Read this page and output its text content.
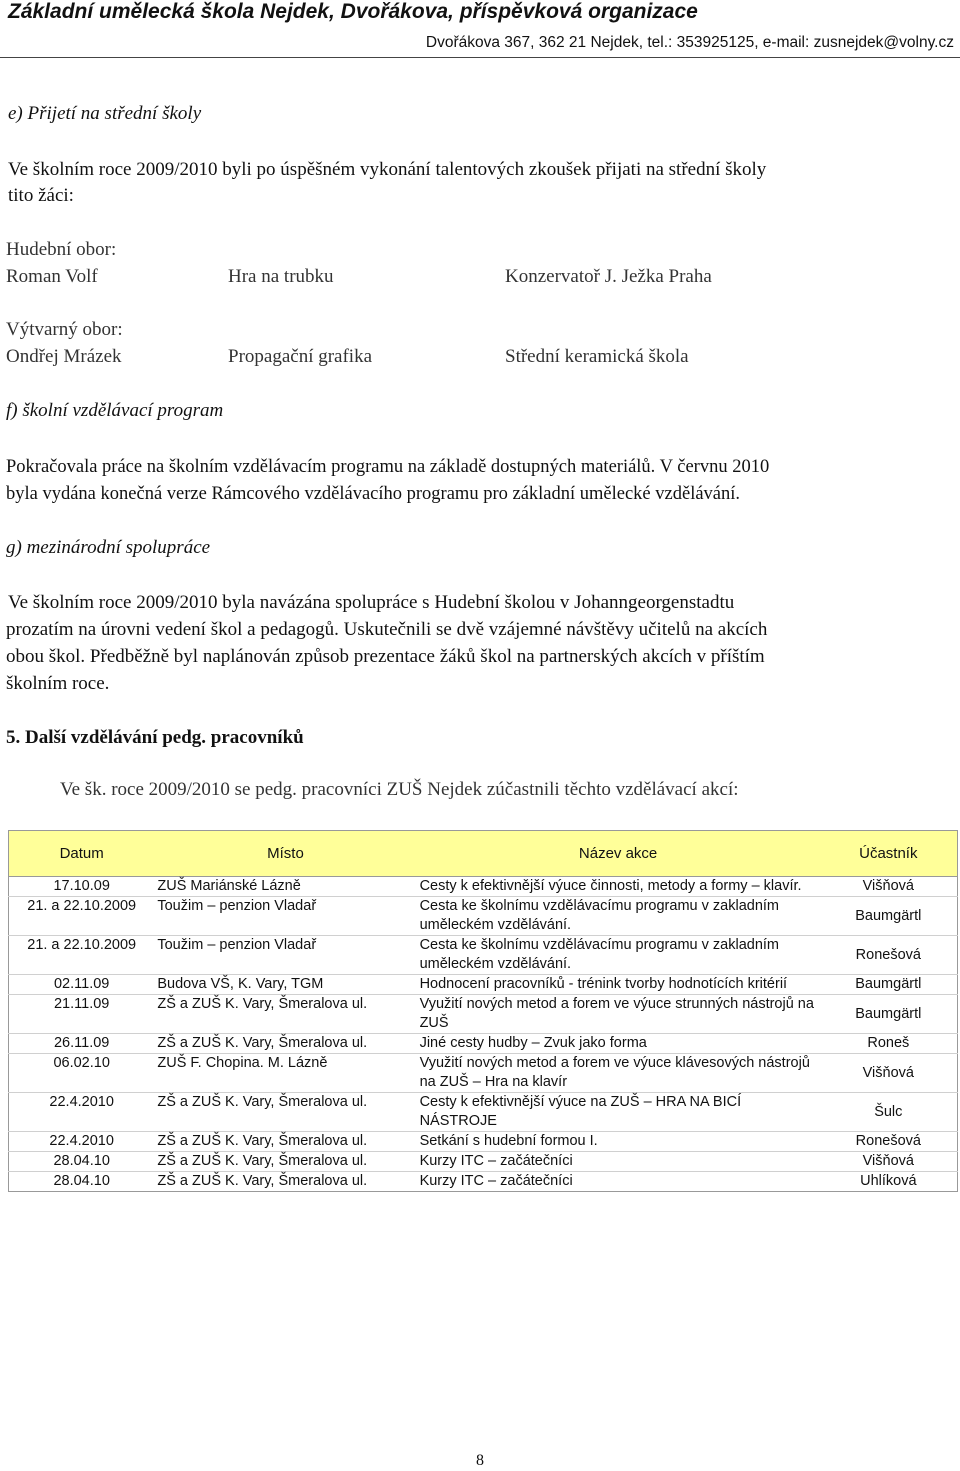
Základní umělecká škola Nejdek, Dvořákova, příspěvková organizace
Dvořákova 367, 362 21 Nejdek, tel.: 353925125, e-mail: zusnejdek@volny.cz
e) Přijetí na střední školy
Ve školním roce 2009/2010 byli po úspěšném vykonání talentových zkoušek přijati na střední školy
tito žáci:
Hudební obor:
Roman Volf	Hra na trubku	Konzervatoř J. Ježka Praha
Výtvarný obor:
Ondřej Mrázek	Propagační grafika	Střední keramická škola
f) školní vzdělávací program
Pokračovala práce na školním vzdělávacím programu na základě dostupných materiálů. V červnu 2010
byla vydána konečná verze Rámcového vzdělávacího programu pro základní umělecké vzdělávání.
g) mezinárodní spolupráce
Ve školním roce 2009/2010 byla navázána spolupráce s Hudební školou v Johanngeorgenstadtu
prozatím na úrovni vedení škol a pedagogů. Uskutečnili se dvě vzájemné návštěvy učitelů na akcích
obou škol. Předběžně byl naplánován způsob prezentace žáků škol na partnerských akcích v příštím
školním roce.
5. Další vzdělávání pedg. pracovníků
Ve šk. roce 2009/2010 se pedg. pracovníci ZUŠ Nejdek zúčastnili těchto vzdělávací akcí:
Datum	Místo	Název akce	Účastník
17.10.09	ZUŠ Mariánské Lázně	Cesty k efektivnější výuce činnosti, metody a formy – klavír.	Višňová
21. a 22.10.2009	Toužim – penzion Vladař	Cesta ke školnímu vzdělávacímu programu v zakladním uměleckém vzdělávání.	Baumgärtl
21. a 22.10.2009	Toužim – penzion Vladař	Cesta ke školnímu vzdělávacímu programu v zakladním uměleckém vzdělávání.	Ronešová
02.11.09	Budova VŠ, K. Vary, TGM	Hodnocení pracovníků - trénink tvorby hodnotících kritérií	Baumgärtl
21.11.09	ZŠ a ZUŠ K. Vary, Šmeralova ul.	Využití nových metod a forem ve výuce strunných nástrojů na ZUŠ	Baumgärtl
26.11.09	ZŠ a ZUŠ K. Vary, Šmeralova ul.	Jiné cesty hudby – Zvuk jako forma	Roneš
06.02.10	ZUŠ F. Chopina. M. Lázně	Využití nových metod a forem ve výuce klávesových nástrojů na ZUŠ – Hra na klavír	Višňová
22.4.2010	ZŠ a ZUŠ K. Vary, Šmeralova ul.	Cesty k efektivnější výuce na ZUŠ – HRA NA BICÍ NÁSTROJE	Šulc
22.4.2010	ZŠ a ZUŠ K. Vary, Šmeralova ul.	Setkání s hudební formou I.	Ronešová
28.04.10	ZŠ a ZUŠ K. Vary, Šmeralova ul.	Kurzy ITC – začátečníci	Višňová
28.04.10	ZŠ a ZUŠ K. Vary, Šmeralova ul.	Kurzy ITC – začátečníci	Uhlíková
8
